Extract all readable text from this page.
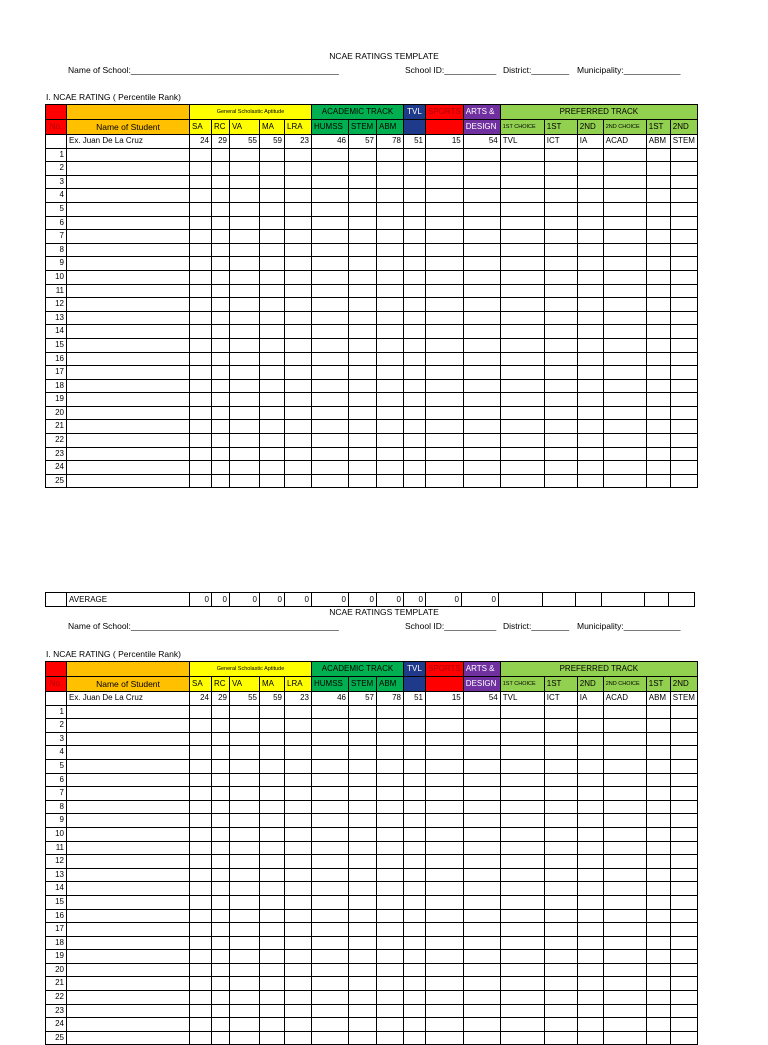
NCAE RATINGS TEMPLATE
Name of School:____________________________________________	School ID:___________ District:________ Municipality:____________
I. NCAE RATING ( Percentile Rank)
		General Scholastic Aptitude					ACADEMIC TRACK			TVL	SPORTS	ARTS &	PREFERRED TRACK					
No.	Name of Student	SA	RC	VA	MA	LRA	HUMSS	STEM	ABM			DESIGN	1ST CHOICE	1ST	2ND	2ND CHOICE	1ST	2ND
	Ex. Juan De La Cruz	24	29	55	59	23	46	57	78	51	15	54	TVL	ICT	IA	ACAD	ABM	STEM
1																		
2																		
3																		
4																		
5																		
6																		
7																		
8																		
9																		
10																		
11																		
12																		
13																		
14																		
15																		
16																		
17																		
18																		
19																		
20																		
21																		
22																		
23																		
24																		
25																		
	AVERAGE	0	0	0	0	0	0	0	0	0	0	0						
NCAE RATINGS TEMPLATE
Name of School:____________________________________________	School ID:___________ District:________ Municipality:____________
I. NCAE RATING ( Percentile Rank)
		General Scholastic Aptitude					ACADEMIC TRACK			TVL	SPORTS	ARTS &	PREFERRED TRACK					
No.	Name of Student	SA	RC	VA	MA	LRA	HUMSS	STEM	ABM			DESIGN	1ST CHOICE	1ST	2ND	2ND CHOICE	1ST	2ND
	Ex. Juan De La Cruz	24	29	55	59	23	46	57	78	51	15	54	TVL	ICT	IA	ACAD	ABM	STEM
1																		
2																		
3																		
4																		
5																		
6																		
7																		
8																		
9																		
10																		
11																		
12																		
13																		
14																		
15																		
16																		
17																		
18																		
19																		
20																		
21																		
22																		
23																		
24																		
25																		
